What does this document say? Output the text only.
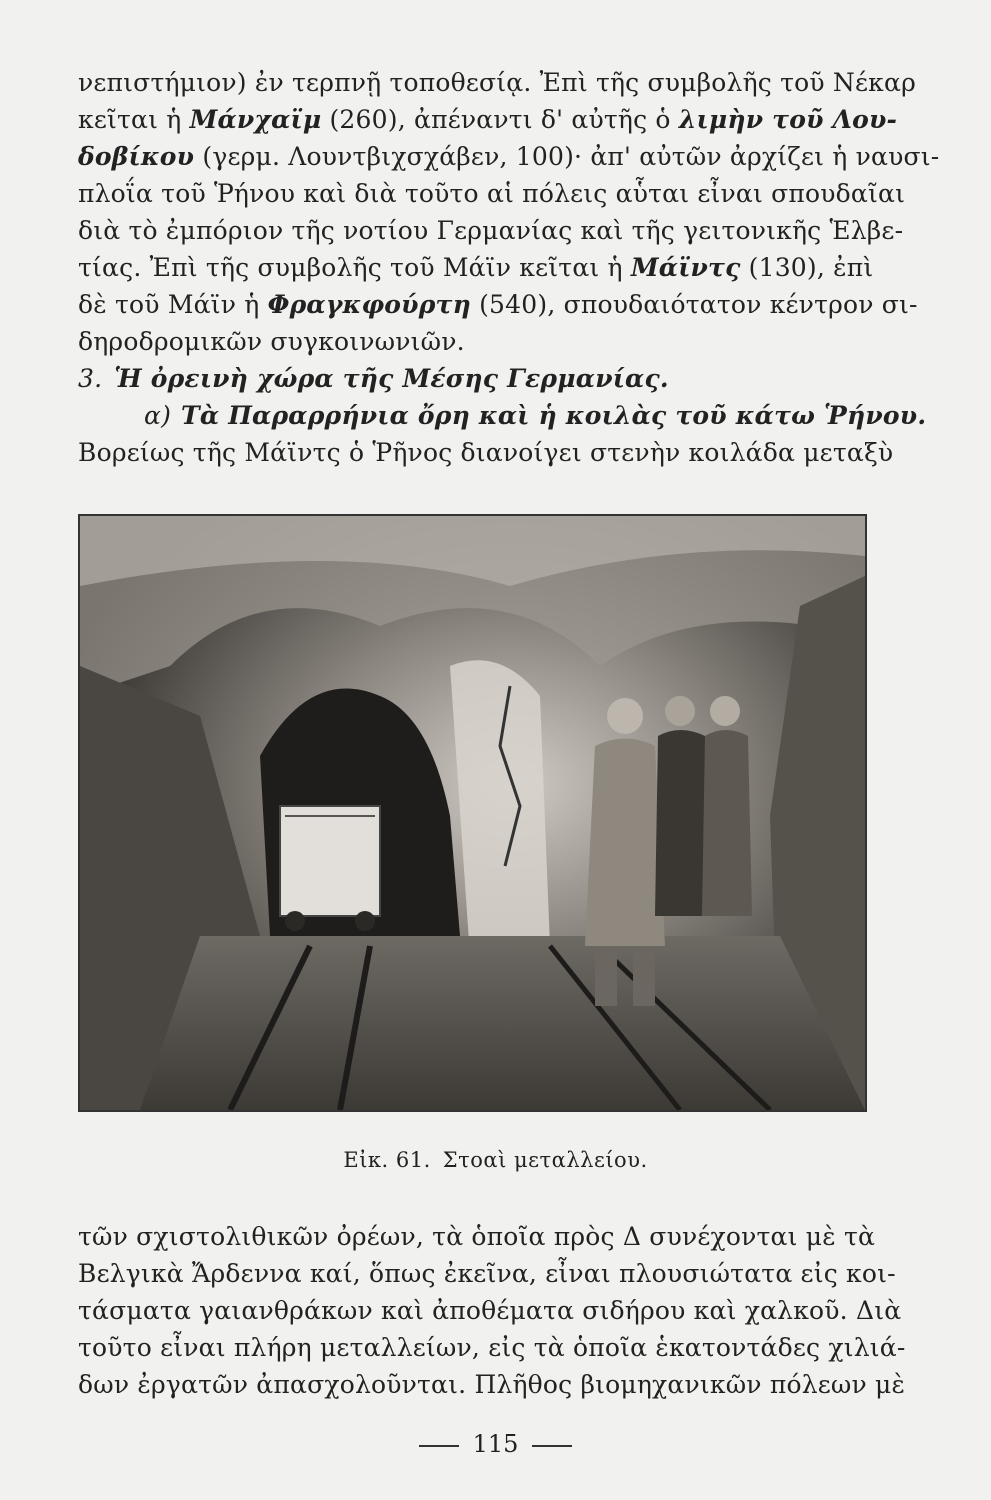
νεπιστήμιον) ἐν τερπνῇ τοποθεσίᾳ. Ἐπὶ τῆς συμβολῆς τοῦ Νέκαρ
κεῖται ἡ Μάνχαϊμ (260), ἀπέναντι δ' αὐτῆς ὁ λιμὴν τοῦ Λου-
δοβίκου (γερμ. Λουντβιχσχάβεν, 100)· ἀπ' αὐτῶν ἀρχίζει ἡ ναυσι-
πλοΐα τοῦ Ῥήνου καὶ διὰ τοῦτο αἱ πόλεις αὗται εἶναι σπουδαῖαι
διὰ τὸ ἐμπόριον τῆς νοτίου Γερμανίας καὶ τῆς γειτονικῆς Ἑλβε-
τίας. Ἐπὶ τῆς συμβολῆς τοῦ Μάϊν κεῖται ἡ Μάϊντς (130), ἐπὶ
δὲ τοῦ Μάϊν ἡ Φραγκφούρτη (540), σπουδαιότατον κέντρον σι-
δηροδρομικῶν συγκοινωνιῶν.
3. Ἡ ὀρεινὴ χώρα τῆς Μέσης Γερμανίας.
α) Τὰ Παραρρήνια ὄρη καὶ ἡ κοιλὰς τοῦ κάτω Ῥήνου.
Βορείως τῆς Μάϊντς ὁ Ῥῆνος διανοίγει στενὴν κοιλάδα μεταξὺ
Εἰκ. 61. Στοαὶ μεταλλείου.
τῶν σχιστολιθικῶν ὀρέων, τὰ ὁποῖα πρὸς Δ συνέχονται μὲ τὰ
Βελγικὰ Ἄρδεννα καί, ὅπως ἐκεῖνα, εἶναι πλουσιώτατα εἰς κοι-
τάσματα γαιανθράκων καὶ ἀποθέματα σιδήρου καὶ χαλκοῦ. Διὰ
τοῦτο εἶναι πλήρη μεταλλείων, εἰς τὰ ὁποῖα ἑκατοντάδες χιλιά-
δων ἐργατῶν ἀπασχολοῦνται. Πλῆθος βιομηχανικῶν πόλεων μὲ
115
